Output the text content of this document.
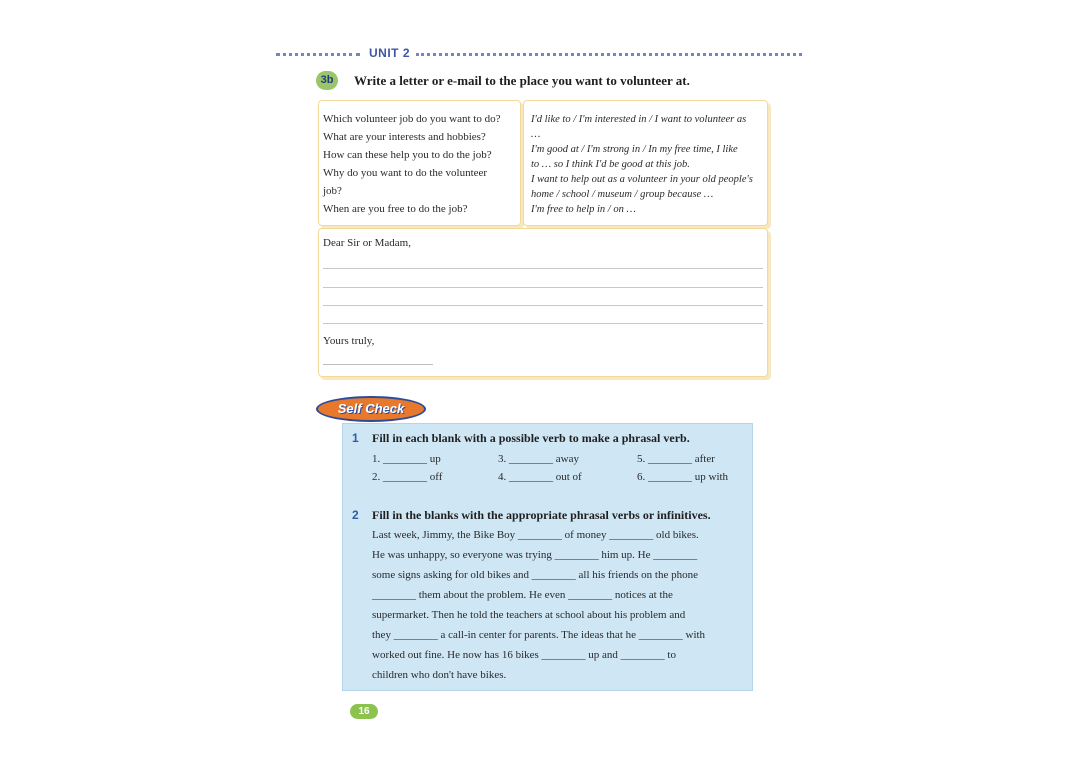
UNIT 2
3b	Write a letter or e-mail to the place you want to volunteer at.
Which volunteer job do you want to do?
What are your interests and hobbies?
How can these help you to do the job?
Why do you want to do the volunteer
job?
When are you free to do the job?
I'd like to / I'm interested in / I want to volunteer as
…
I'm good at / I'm strong in / In my free time, I like
to … so I think I'd be good at this job.
I want to help out as a volunteer in your old people's
home / school / museum / group because …
I'm free to help in / on …
Dear Sir or Madam,
Yours truly,
Self Check
1 Fill in each blank with a possible verb to make a phrasal verb.
1. ________ up
2. ________ off
3. ________ away
4. ________ out of
5. ________ after
6. ________ up with
2 Fill in the blanks with the appropriate phrasal verbs or infinitives.
Last week, Jimmy, the Bike Boy ________ of money ________ old bikes.
He was unhappy, so everyone was trying ________ him up. He ________
some signs asking for old bikes and ________ all his friends on the phone
________ them about the problem. He even ________ notices at the
supermarket. Then he told the teachers at school about his problem and
they ________ a call-in center for parents. The ideas that he ________ with
worked out fine. He now has 16 bikes ________ up and ________ to
children who don't have bikes.
16
